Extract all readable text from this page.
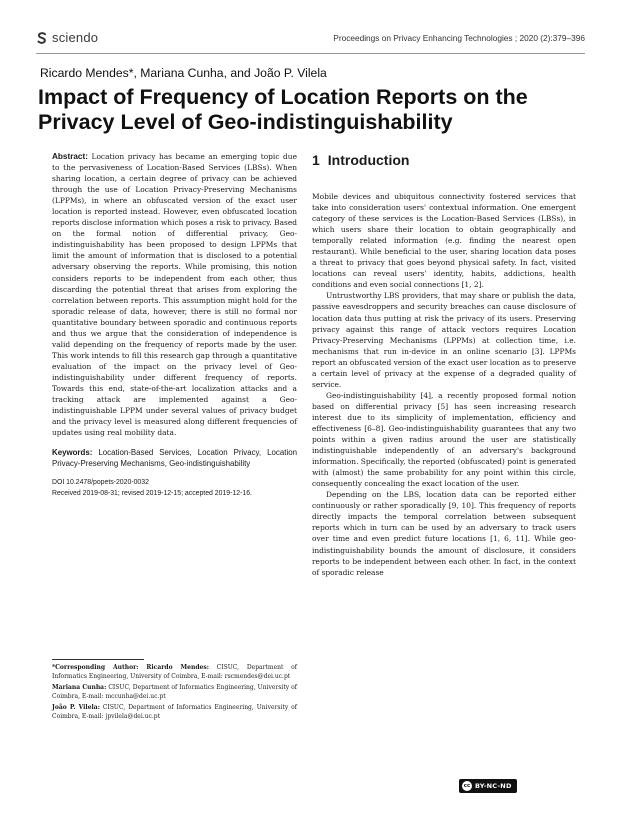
sciendo	Proceedings on Privacy Enhancing Technologies ; 2020 (2):379–396
Ricardo Mendes*, Mariana Cunha, and João P. Vilela
Impact of Frequency of Location Reports on the Privacy Level of Geo-indistinguishability

Abstract: Location privacy has became an emerging topic due to the pervasiveness of Location-Based Services (LBSs). When sharing location, a certain degree of privacy can be achieved through the use of Location Privacy-Preserving Mechanisms (LPPMs), in where an obfuscated version of the exact user location is reported instead. However, even obfuscated location reports disclose information which poses a risk to privacy. Based on the formal notion of differential privacy, Geo-indistinguishability has been proposed to design LPPMs that limit the amount of information that is disclosed to a potential adversary observing the reports. While promising, this notion considers reports to be independent from each other, thus discarding the potential threat that arises from exploring the correlation between reports. This assumption might hold for the sporadic release of data, however, there is still no formal nor quantitative boundary between sporadic and continuous reports and thus we argue that the consideration of independence is valid depending on the frequency of reports made by the user. This work intends to fill this research gap through a quantitative evaluation of the impact on the privacy level of Geo-indistinguishability under different frequency of reports. Towards this end, state-of-the-art localization attacks and a tracking attack are implemented against a Geo-indistinguishable LPPM under several values of privacy budget and the privacy level is measured along different frequencies of updates using real mobility data.

Keywords: Location-Based Services, Location Privacy, Location Privacy-Preserving Mechanisms, Geo-indistinguishability

DOI 10.2478/popets-2020-0032
Received 2019-08-31; revised 2019-12-15; accepted 2019-12-16.

*Corresponding Author: Ricardo Mendes: CISUC, Department of Informatics Engineering, University of Coimbra, E-mail: rscmendes@dei.uc.pt

Mariana Cunha: CISUC, Department of Informatics Engineering, University of Coimbra, E-mail: mccunha@dei.uc.pt

João P. Vilela: CISUC, Department of Informatics Engineering, University of Coimbra, E-mail: jpvilela@dei.uc.pt

1 Introduction

Mobile devices and ubiquitous connectivity fostered services that take into consideration users' contextual information. One emergent category of these services is the Location-Based Services (LBSs), in which users share their location to obtain geographically and temporally related information (e.g. finding the nearest open restaurant). While beneficial to the user, sharing location data poses a threat to privacy that goes beyond physical safety. In fact, visited locations can reveal users' identity, habits, addictions, health conditions and even social connections [1, 2].

Untrustworthy LBS providers, that may share or publish the data, passive eavesdroppers and security breaches can cause disclosure of location data thus putting at risk the privacy of its users. Preserving privacy against this range of attack vectors requires Location Privacy-Preserving Mechanisms (LPPMs) at collection time, i.e. mechanisms that run in-device in an online scenario [3]. LPPMs report an obfuscated version of the exact user location as to preserve a certain level of privacy at the expense of a degraded quality of service.

Geo-indistinguishability [4], a recently proposed formal notion based on differential privacy [5] has seen increasing research interest due to its simplicity of implementation, efficiency and effectiveness [6–8]. Geo-indistinguishability guarantees that any two points within a given radius around the user are statistically indistinguishable independently of an adversary's background information. Specifically, the reported (obfuscated) point is generated with (almost) the same probability for any point within this circle, consequently concealing the exact location of the user.

Depending on the LBS, location data can be reported either continuously or rather sporadically [9, 10]. This frequency of reports directly impacts the temporal correlation between subsequent reports which in turn can be used by an adversary to track users over time and even predict future locations [1, 6, 11]. While geo-indistinguishability bounds the amount of disclosure, it considers reports to be independent between each other. In fact, in the context of sporadic release

cc BY-NC-ND
